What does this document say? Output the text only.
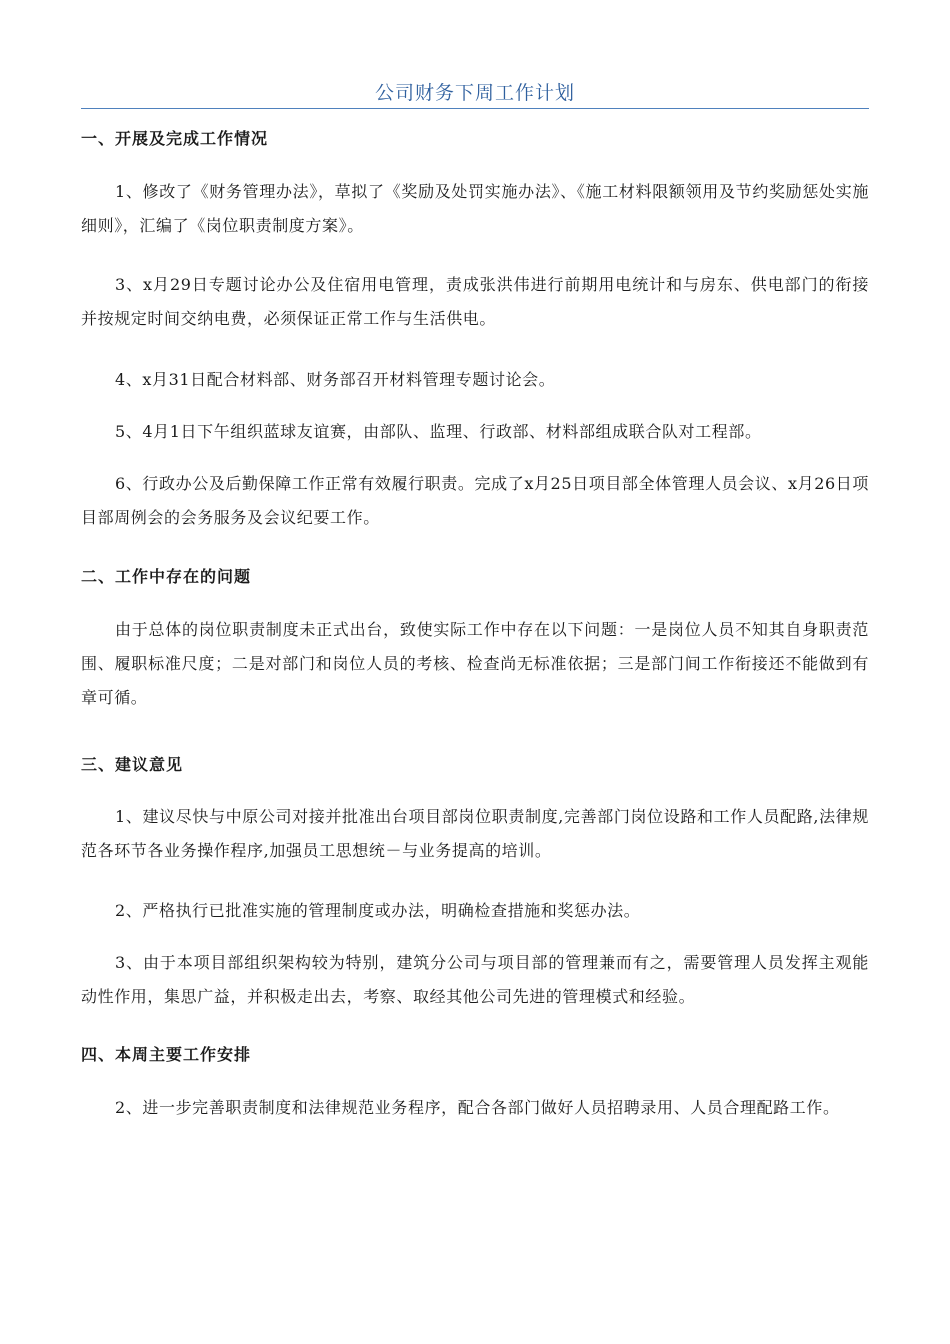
公司财务下周工作计划
一、开展及完成工作情况

1、修改了《财务管理办法》，草拟了《奖励及处罚实施办法》、《施工材料限额领用及节约奖励惩处实施细则》，汇编了《岗位职责制度方案》。

3、x月29日专题讨论办公及住宿用电管理，责成张洪伟进行前期用电统计和与房东、供电部门的衔接并按规定时间交纳电费，必须保证正常工作与生活供电。

4、x月31日配合材料部、财务部召开材料管理专题讨论会。

5、4月1日下午组织蓝球友谊赛，由部队、监理、行政部、材料部组成联合队对工程部。

6、行政办公及后勤保障工作正常有效履行职责。完成了x月25日项目部全体管理人员会议、x月26日项目部周例会的会务服务及会议纪要工作。

二、工作中存在的问题

由于总体的岗位职责制度未正式出台，致使实际工作中存在以下问题：一是岗位人员不知其自身职责范围、履职标准尺度；二是对部门和岗位人员的考核、检查尚无标准依据；三是部门间工作衔接还不能做到有章可循。

三、建议意见

1、建议尽快与中原公司对接并批准出台项目部岗位职责制度,完善部门岗位设路和工作人员配路,法律规范各环节各业务操作程序,加强员工思想统－与业务提高的培训。

2、严格执行已批准实施的管理制度或办法，明确检查措施和奖惩办法。

3、由于本项目部组织架构较为特别，建筑分公司与项目部的管理兼而有之，需要管理人员发挥主观能动性作用，集思广益，并积极走出去，考察、取经其他公司先进的管理模式和经验。

四、本周主要工作安排

2、进一步完善职责制度和法律规范业务程序，配合各部门做好人员招聘录用、人员合理配路工作。
